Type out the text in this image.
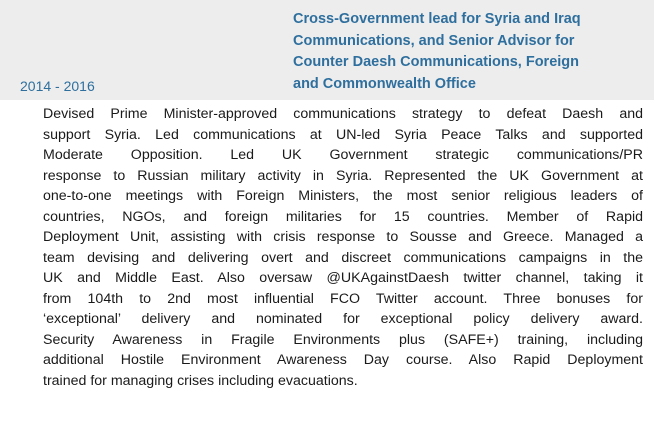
2014 - 2016
Cross-Government lead for Syria and Iraq
Communications, and Senior Advisor for
Counter Daesh Communications, Foreign
and Commonwealth Office

Devised Prime Minister-approved communications strategy to defeat Daesh and
support Syria. Led communications at UN-led Syria Peace Talks and supported
Moderate Opposition. Led UK Government strategic communications/PR
response to Russian military activity in Syria. Represented the UK Government at
one-to-one meetings with Foreign Ministers, the most senior religious leaders of
countries, NGOs, and foreign militaries for 15 countries. Member of Rapid
Deployment Unit, assisting with crisis response to Sousse and Greece. Managed a
team devising and delivering overt and discreet communications campaigns in the
UK and Middle East. Also oversaw @UKAgainstDaesh twitter channel, taking it
from 104th to 2nd most influential FCO Twitter account. Three bonuses for
‘exceptional’ delivery and nominated for exceptional policy delivery award.
Security Awareness in Fragile Environments plus (SAFE+) training, including
additional Hostile Environment Awareness Day course. Also Rapid Deployment
trained for managing crises including evacuations.
